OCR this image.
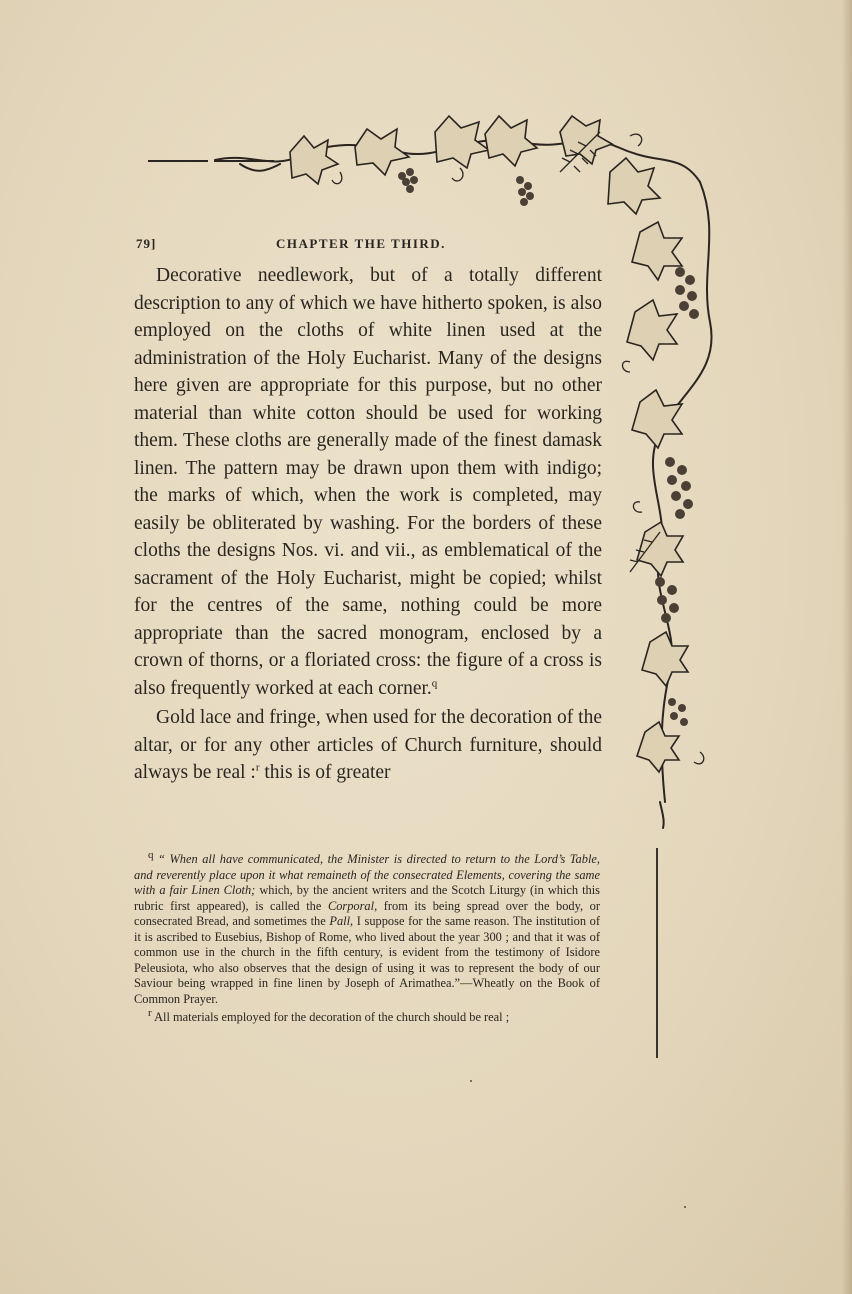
79]	CHAPTER THE THIRD.

Decorative needlework, but of a totally different description to any of which we have hitherto spoken, is also employed on the cloths of white linen used at the administration of the Holy Eucharist. Many of the designs here given are appropriate for this purpose, but no other material than white cotton should be used for working them. These cloths are generally made of the finest damask linen. The pattern may be drawn upon them with indigo; the marks of which, when the work is completed, may easily be obliterated by washing. For the borders of these cloths the designs Nos. vi. and vii., as emblematical of the sacrament of the Holy Eucharist, might be copied; whilst for the centres of the same, nothing could be more appropriate than the sacred monogram, enclosed by a crown of thorns, or a floriated cross: the figure of a cross is also frequently worked at each corner.$^q$

Gold lace and fringe, when used for the decoration of the altar, or for any other articles of Church furniture, should always be real :$^r$ this is of greater

q “ When all have communicated, the Minister is directed to return to the Lord’s Table, and reverently place upon it what remaineth of the consecrated Elements, covering the same with a fair Linen Cloth; which, by the ancient writers and the Scotch Liturgy (in which this rubric first appeared), is called the Corporal, from its being spread over the body, or consecrated Bread, and sometimes the Pall, I suppose for the same reason. The institution of it is ascribed to Eusebius, Bishop of Rome, who lived about the year 300 ; and that it was of common use in the church in the fifth century, is evident from the testimony of Isidore Peleusiota, who also observes that the design of using it was to represent the body of our Saviour being wrapped in fine linen by Joseph of Arimathea.”—Wheatly on the Book of Common Prayer.

r All materials employed for the decoration of the church should be real ;
